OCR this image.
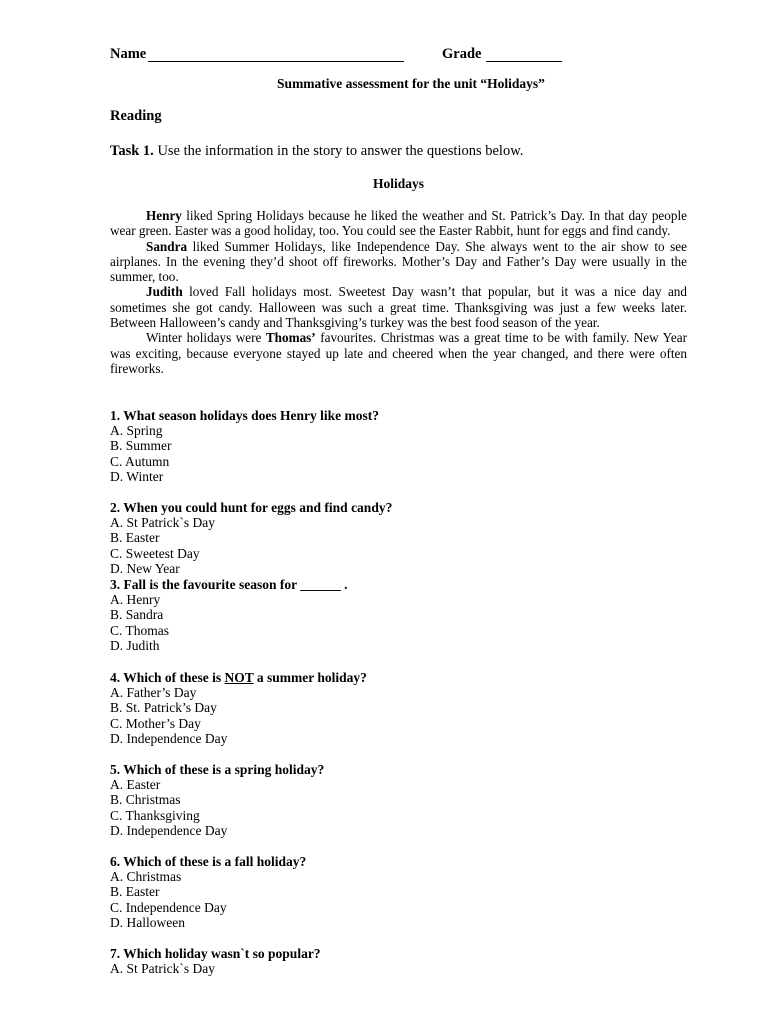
Name	Grade
Summative assessment for the unit “Holidays”
Reading
Task 1. Use the information in the story to answer the questions below.
Holidays

Henry liked Spring Holidays because he liked the weather and St. Patrick’s Day. In that day people wear green. Easter was a good holiday, too. You could see the Easter Rabbit, hunt for eggs and find candy.

Sandra liked Summer Holidays, like Independence Day. She always went to the air show to see airplanes. In the evening they’d shoot off fireworks. Mother’s Day and Father’s Day were usually in the summer, too.

Judith loved Fall holidays most. Sweetest Day wasn’t that popular, but it was a nice day and sometimes she got candy. Halloween was such a great time. Thanksgiving was just a few weeks later. Between Halloween’s candy and Thanksgiving’s turkey was the best food season of the year.

Winter holidays were Thomas’ favourites. Christmas was a great time to be with family. New Year was exciting, because everyone stayed up late and cheered when the year changed, and there were often fireworks.

1. What season holidays does Henry like most?
A. Spring
B. Summer
C. Autumn
D. Winter
2. When you could hunt for eggs and find candy?
A. St Patrick`s Day
B. Easter
C. Sweetest Day
D. New Year
3. Fall is the favourite season for ______ .
A. Henry
B. Sandra
C. Thomas
D. Judith
4. Which of these is NOT a summer holiday?
A. Father’s Day
B. St. Patrick’s Day
C. Mother’s Day
D. Independence Day
5. Which of these is a spring holiday?
A. Easter
B. Christmas
C. Thanksgiving
D. Independence Day
6. Which of these is a fall holiday?
A. Christmas
B. Easter
C. Independence Day
D. Halloween
7. Which holiday wasn`t so popular?
A. St Patrick`s Day
